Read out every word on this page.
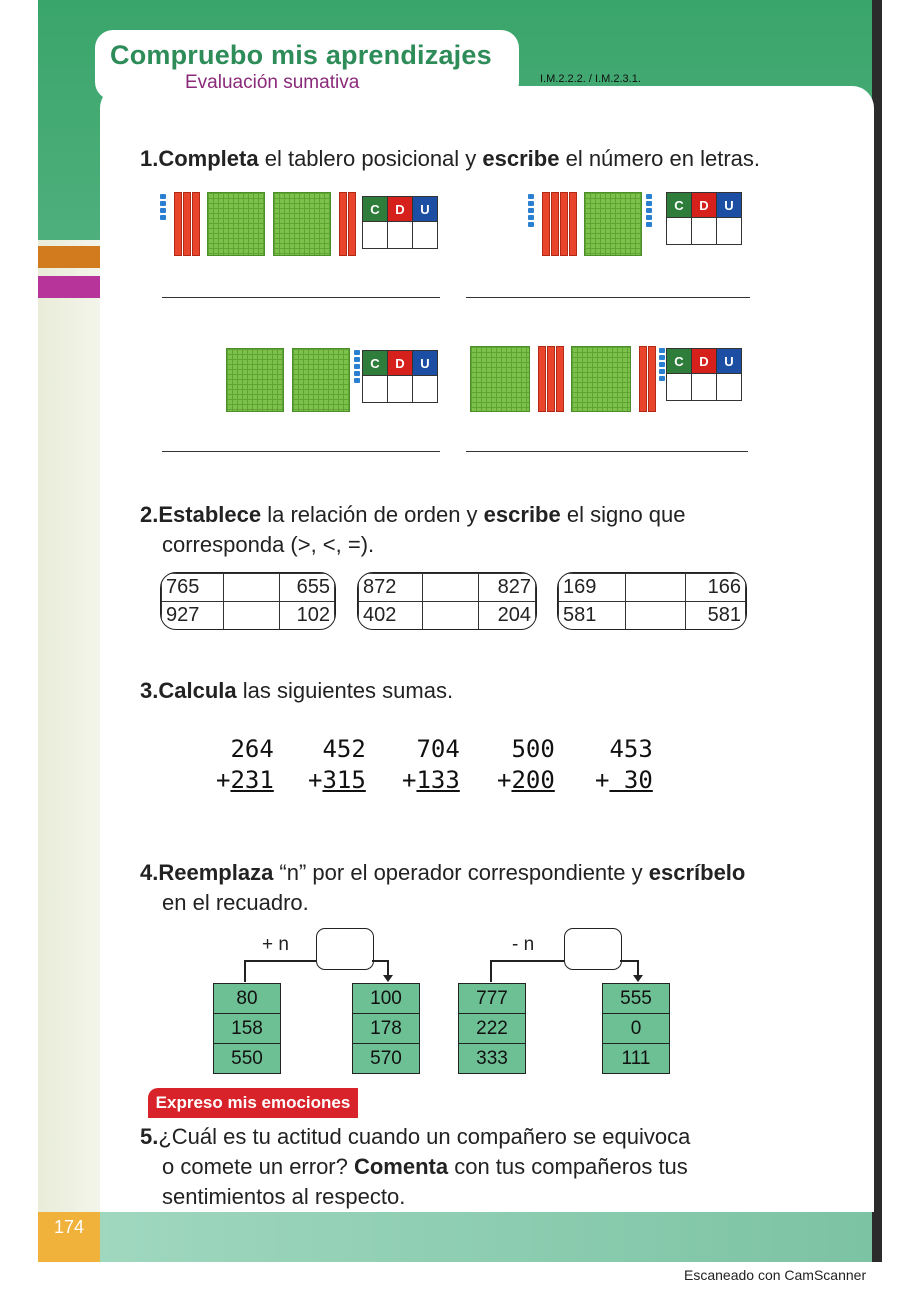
174
Compruebo mis aprendizajes
Evaluación sumativa	I.M.2.2.2. / I.M.2.3.1.
1.Completa el tablero posicional y escribe el número en letras.
C	D	U
			C	D	U

C	D	U
			C	D	U

2.Establece la relación de orden y escribe el signo que
corresponda (>, <, =).
765		655
927		102
872		827
402		204
169		166
581		581
3.Calcula las siguientes sumas.
264
+231
452
+315
704
+133
500
+200
453
+ 30
4.Reemplaza “n” por el operador correspondiente y escríbelo
en el recuadro.
+ n
80
158
550
100
178
570
- n
777
222
333
555
0
111
Expreso mis emociones
5.¿Cuál es tu actitud cuando un compañero se equivoca
o comete un error? Comenta con tus compañeros tus
sentimientos al respecto.
Escaneado con CamScanner
